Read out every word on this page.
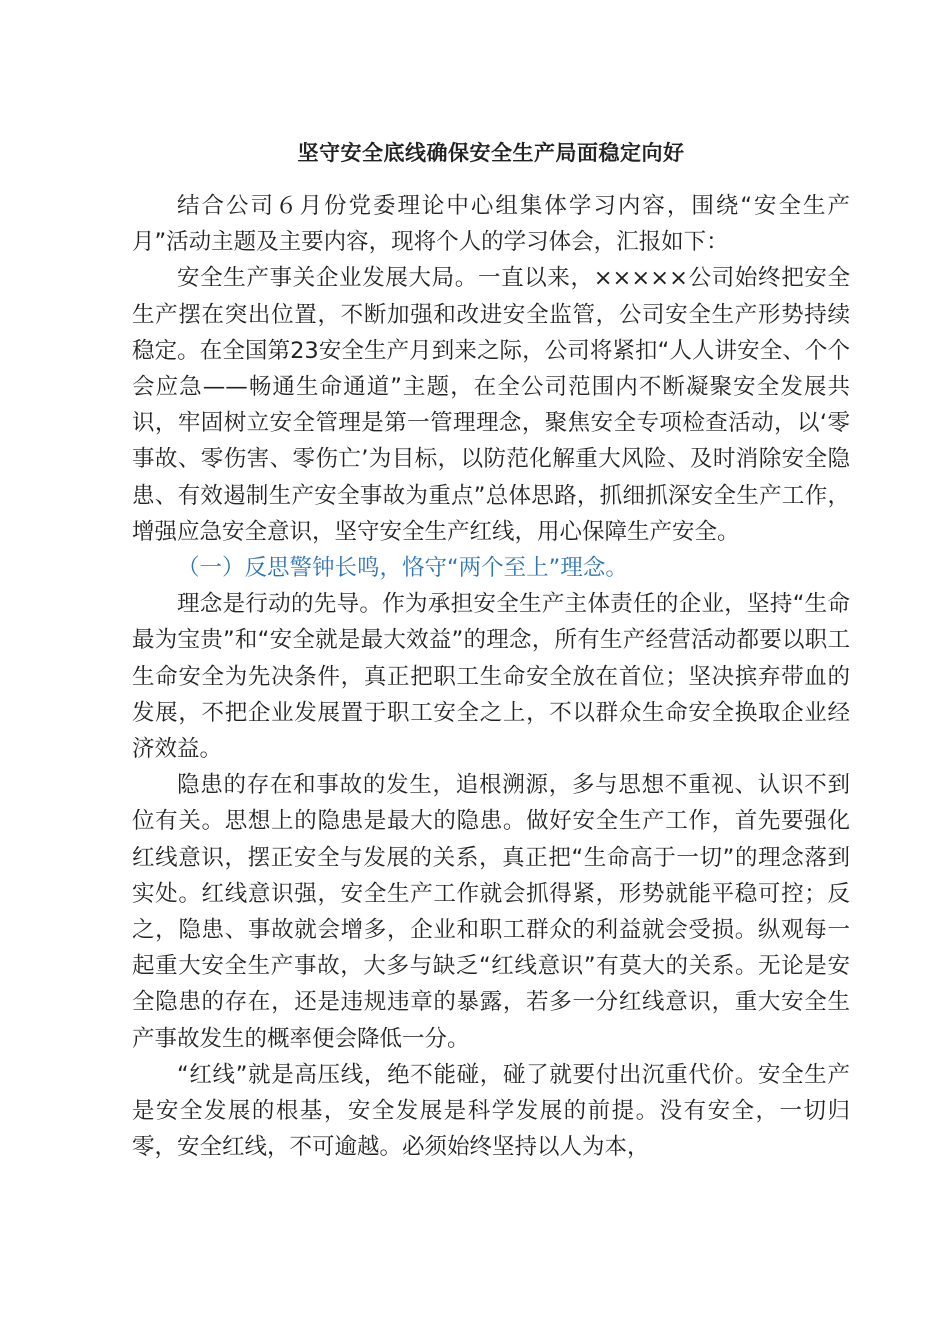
坚守安全底线确保安全生产局面稳定向好

结合公司６月份党委理论中心组集体学习内容，围绕“安全生产月”活动主题及主要内容，现将个人的学习体会，汇报如下：

安全生产事关企业发展大局。一直以来，×××××公司始终把安全生产摆在突出位置，不断加强和改进安全监管，公司安全生产形势持续稳定。在全国第23安全生产月到来之际，公司将紧扣“人人讲安全、个个会应急——畅通生命通道”主题，在全公司范围内不断凝聚安全发展共识，牢固树立安全管理是第一管理理念，聚焦安全专项检查活动，以‘零事故、零伤害、零伤亡’为目标，以防范化解重大风险、及时消除安全隐患、有效遏制生产安全事故为重点”总体思路，抓细抓深安全生产工作，增强应急安全意识，坚守安全生产红线，用心保障生产安全。

（一）反思警钟长鸣，恪守“两个至上”理念。

理念是行动的先导。作为承担安全生产主体责任的企业，坚持“生命最为宝贵”和“安全就是最大效益”的理念，所有生产经营活动都要以职工生命安全为先决条件，真正把职工生命安全放在首位；坚决摈弃带血的发展，不把企业发展置于职工安全之上，不以群众生命安全换取企业经济效益。

隐患的存在和事故的发生，追根溯源，多与思想不重视、认识不到位有关。思想上的隐患是最大的隐患。做好安全生产工作，首先要强化红线意识，摆正安全与发展的关系，真正把“生命高于一切”的理念落到实处。红线意识强，安全生产工作就会抓得紧，形势就能平稳可控；反之，隐患、事故就会增多，企业和职工群众的利益就会受损。纵观每一起重大安全生产事故，大多与缺乏“红线意识”有莫大的关系。无论是安全隐患的存在，还是违规违章的暴露，若多一分红线意识，重大安全生产事故发生的概率便会降低一分。

“红线”就是高压线，绝不能碰，碰了就要付出沉重代价。安全生产是安全发展的根基，安全发展是科学发展的前提。没有安全，一切归零，安全红线，不可逾越。必须始终坚持以人为本，
